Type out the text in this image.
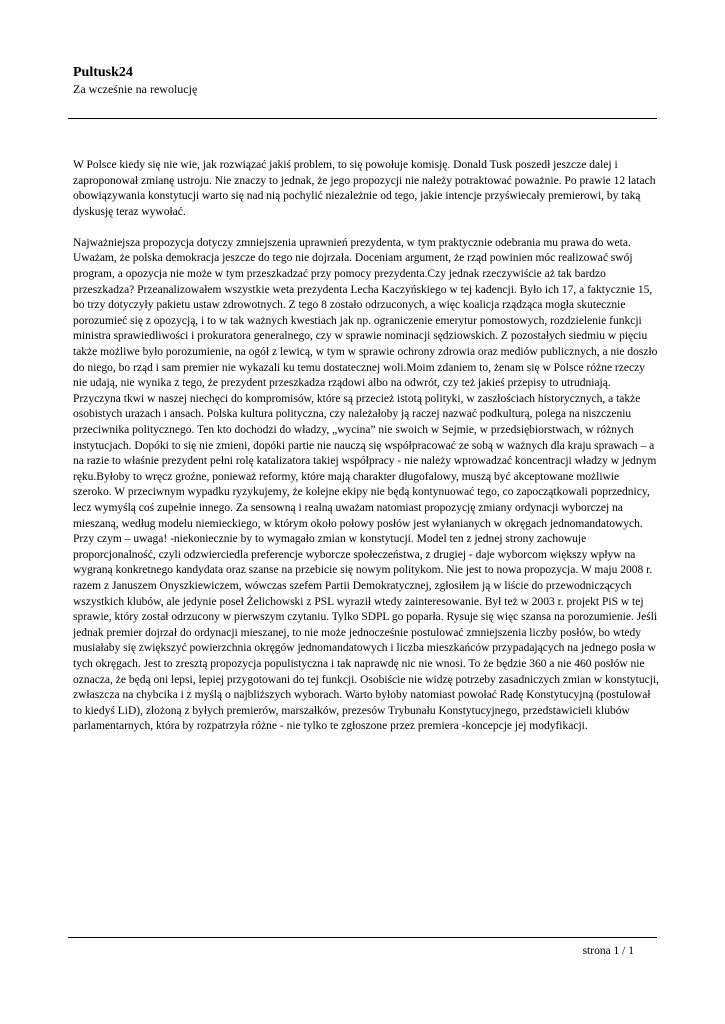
Pultusk24
Za wcześnie na rewolucję

W Polsce kiedy się nie wie, jak rozwiązać jakiś problem, to się powołuje komisję. Donald Tusk poszedł jeszcze dalej i zaproponował zmianę ustroju. Nie znaczy to jednak, że jego propozycji nie należy potraktować poważnie. Po prawie 12 latach obowiązywania konstytucji warto się nad nią pochylić niezależnie od tego, jakie intencje przyświecały premierowi, by taką dyskusję teraz wywołać.

Najważniejsza propozycja dotyczy zmniejszenia uprawnień prezydenta, w tym praktycznie odebrania mu prawa do weta. Uważam, że polska demokracja jeszcze do tego nie dojrzała. Doceniam argument, że rząd powinien móc realizować swój program, a opozycja nie może w tym przeszkadzać przy pomocy prezydenta.Czy jednak rzeczywiście aż tak bardzo przeszkadza? Przeanalizowałem wszystkie weta prezydenta Lecha Kaczyńskiego w tej kadencji. Było ich 17, a faktycznie 15, bo trzy dotyczyły pakietu ustaw zdrowotnych. Z tego 8 zostało odrzuconych, a więc koalicja rządząca mogła skutecznie porozumieć się z opozycją, i to w tak ważnych kwestiach jak np. ograniczenie emerytur pomostowych, rozdzielenie funkcji ministra sprawiedliwości i prokuratora generalnego, czy w sprawie nominacji sędziowskich. Z pozostałych siedmiu w pięciu także możliwe było porozumienie, na ogół z lewicą, w tym w sprawie ochrony zdrowia oraz mediów publicznych, a nie doszło do niego, bo rząd i sam premier nie wykazali ku temu dostatecznej woli.Moim zdaniem to, żenam się w Polsce różne rzeczy nie udają, nie wynika z tego, że prezydent przeszkadza rządowi albo na odwrót, czy też jakieś przepisy to utrudniają. Przyczyna tkwi w naszej niechęci do kompromisów, które są przecież istotą polityki, w zaszłościach historycznych, a także osobistych urazach i ansach. Polska kultura polityczna, czy należałoby ją raczej nazwać podkulturą, polega na niszczeniu przeciwnika politycznego. Ten kto dochodzi do władzy, „wycina” nie swoich w Sejmie, w przedsiębiorstwach, w różnych instytucjach. Dopóki to się nie zmieni, dopóki partie nie nauczą się współpracować ze sobą w ważnych dla kraju sprawach – a na razie to właśnie prezydent pełni rolę katalizatora takiej współpracy - nie należy wprowadzać koncentracji władzy w jednym ręku.Byłoby to wręcz groźne, ponieważ reformy, które mają charakter długofalowy, muszą być akceptowane możliwie szeroko. W przeciwnym wypadku ryzykujemy, że kolejne ekipy nie będą kontynuować tego, co zapoczątkowali poprzednicy, lecz wymyślą coś zupełnie innego. Za sensowną i realną uważam natomiast propozycję zmiany ordynacji wyborczej na mieszaną, według modelu niemieckiego, w którym około połowy posłów jest wyłanianych w okręgach jednomandatowych. Przy czym – uwaga! -niekoniecznie by to wymagało zmian w konstytucji. Model ten z jednej strony zachowuje proporcjonalność, czyli odzwierciedla preferencje wyborcze społeczeństwa, z drugiej - daje wyborcom większy wpływ na wygraną konkretnego kandydata oraz szanse na przebicie się nowym politykom. Nie jest to nowa propozycja. W maju 2008 r. razem z Januszem Onyszkiewiczem, wówczas szefem Partii Demokratycznej, zgłosiłem ją w liście do przewodniczących wszystkich klubów, ale jedynie poseł Żelichowski z PSL wyraził wtedy zainteresowanie. Był też w 2003 r. projekt PiS w tej sprawie, który został odrzucony w pierwszym czytaniu. Tylko SDPL go poparła. Rysuje się więc szansa na porozumienie. Jeśli jednak premier dojrzał do ordynacji mieszanej, to nie może jednocześnie postulować zmniejszenia liczby posłów, bo wtedy musiałaby się zwiększyć powierzchnia okręgów jednomandatowych i liczba mieszkańców przypadających na jednego posła w tych okręgach. Jest to zresztą propozycja populistyczna i tak naprawdę nic nie wnosi. To że będzie 360 a nie 460 posłów nie oznacza, że będą oni lepsi, lepiej przygotowani do tej funkcji. Osobiście nie widzę potrzeby zasadniczych zmian w konstytucji, zwłaszcza na chybcika i z myślą o najbliższych wyborach. Warto byłoby natomiast powołać Radę Konstytucyjną (postulował to kiedyś LiD), złożoną z byłych premierów, marszałków, prezesów Trybunału Konstytucyjnego, przedstawicieli klubów parlamentarnych, która by rozpatrzyła różne - nie tylko te zgłoszone przez premiera -koncepcje jej modyfikacji.

strona 1 / 1
